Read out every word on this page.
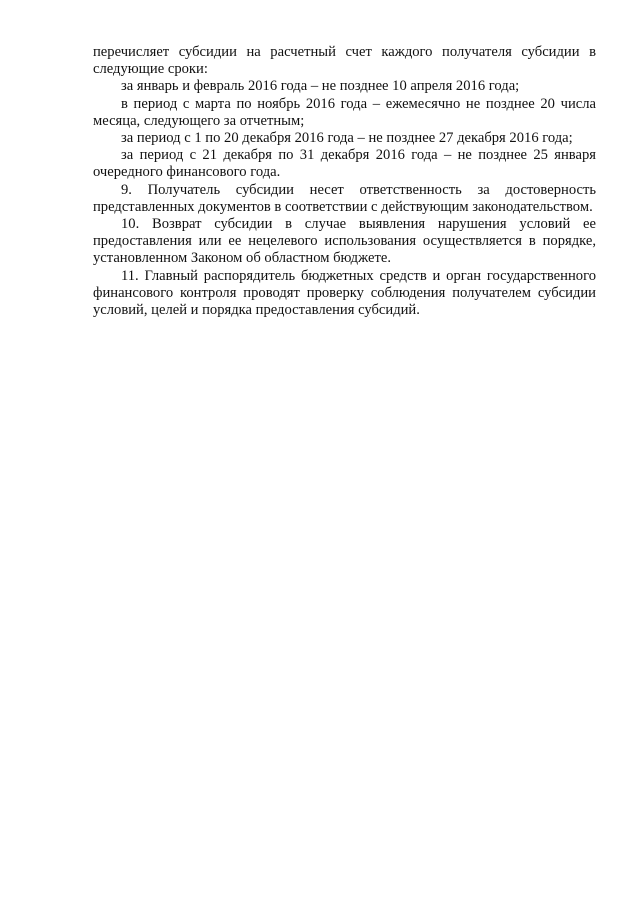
перечисляет субсидии на расчетный счет каждого получателя субсидии в следующие сроки:

за январь и февраль 2016 года – не позднее 10 апреля 2016 года;

в период с марта по ноябрь 2016 года – ежемесячно не позднее 20 числа месяца, следующего за отчетным;

за период с 1 по 20 декабря 2016 года – не позднее 27 декабря 2016 года;

за период с 21 декабря по 31 декабря 2016 года – не позднее 25 января очередного финансового года.

9. Получатель субсидии несет ответственность за достоверность представленных документов в соответствии с действующим законодательством.

10. Возврат субсидии в случае выявления нарушения условий ее предоставления или ее нецелевого использования осуществляется в порядке, установленном Законом об областном бюджете.

11. Главный распорядитель бюджетных средств и орган государственного финансового контроля проводят проверку соблюдения получателем субсидии условий, целей и порядка предоставления субсидий.
